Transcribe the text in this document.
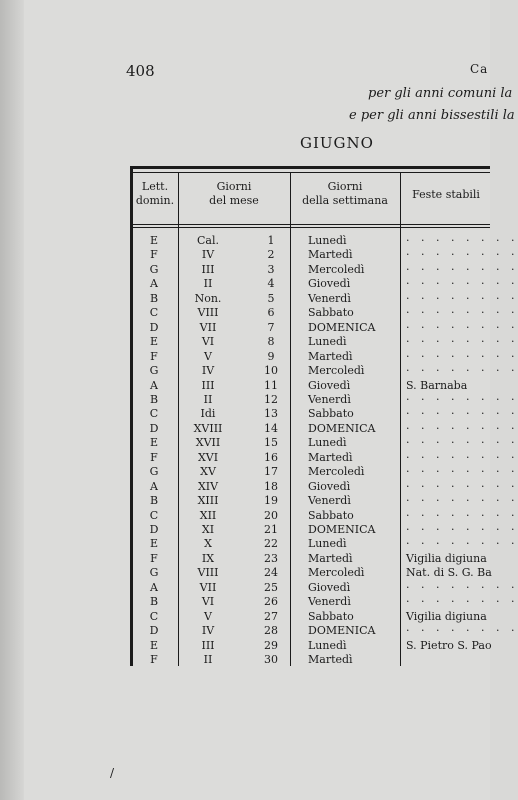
408	Ca
per gli anni comuni la
e per gli anni bissestili la
GIUGNO
Lett.
domin.
Giorni
del mese
Giorni
della settimana	Feste stabili
E	Cal.	1	Lunedì	· · · · · · · ·
F	IV	2	Martedì	· · · · · · · ·
G	III	3	Mercoledì	· · · · · · · ·
A	II	4	Giovedì	· · · · · · · ·
B	Non.	5	Venerdì	· · · · · · · ·
C	VIII	6	Sabbato	· · · · · · · ·
D	VII	7	DOMENICA	· · · · · · · ·
E	VI	8	Lunedì	· · · · · · · ·
F	V	9	Martedì	· · · · · · · ·
G	IV	10	Mercoledì	· · · · · · · ·
A	III	11	Giovedì	S. Barnaba
B	II	12	Venerdì	· · · · · · · ·
C	Idi	13	Sabbato	· · · · · · · ·
D	XVIII	14	DOMENICA	· · · · · · · ·
E	XVII	15	Lunedì	· · · · · · · ·
F	XVI	16	Martedì	· · · · · · · ·
G	XV	17	Mercoledì	· · · · · · · ·
A	XIV	18	Giovedì	· · · · · · · ·
B	XIII	19	Venerdì	· · · · · · · ·
C	XII	20	Sabbato	· · · · · · · ·
D	XI	21	DOMENICA	· · · · · · · ·
E	X	22	Lunedì	· · · · · · · ·
F	IX	23	Martedì	Vigilia digiuna
G	VIII	24	Mercoledì	Nat. di S. G. Ba
A	VII	25	Giovedì	· · · · · · · ·
B	VI	26	Venerdì	· · · · · · · ·
C	V	27	Sabbato	Vigilia digiuna
D	IV	28	DOMENICA	· · · · · · · ·
E	III	29	Lunedì	S. Pietro S. Pao
F	II	30	Martedì
/
